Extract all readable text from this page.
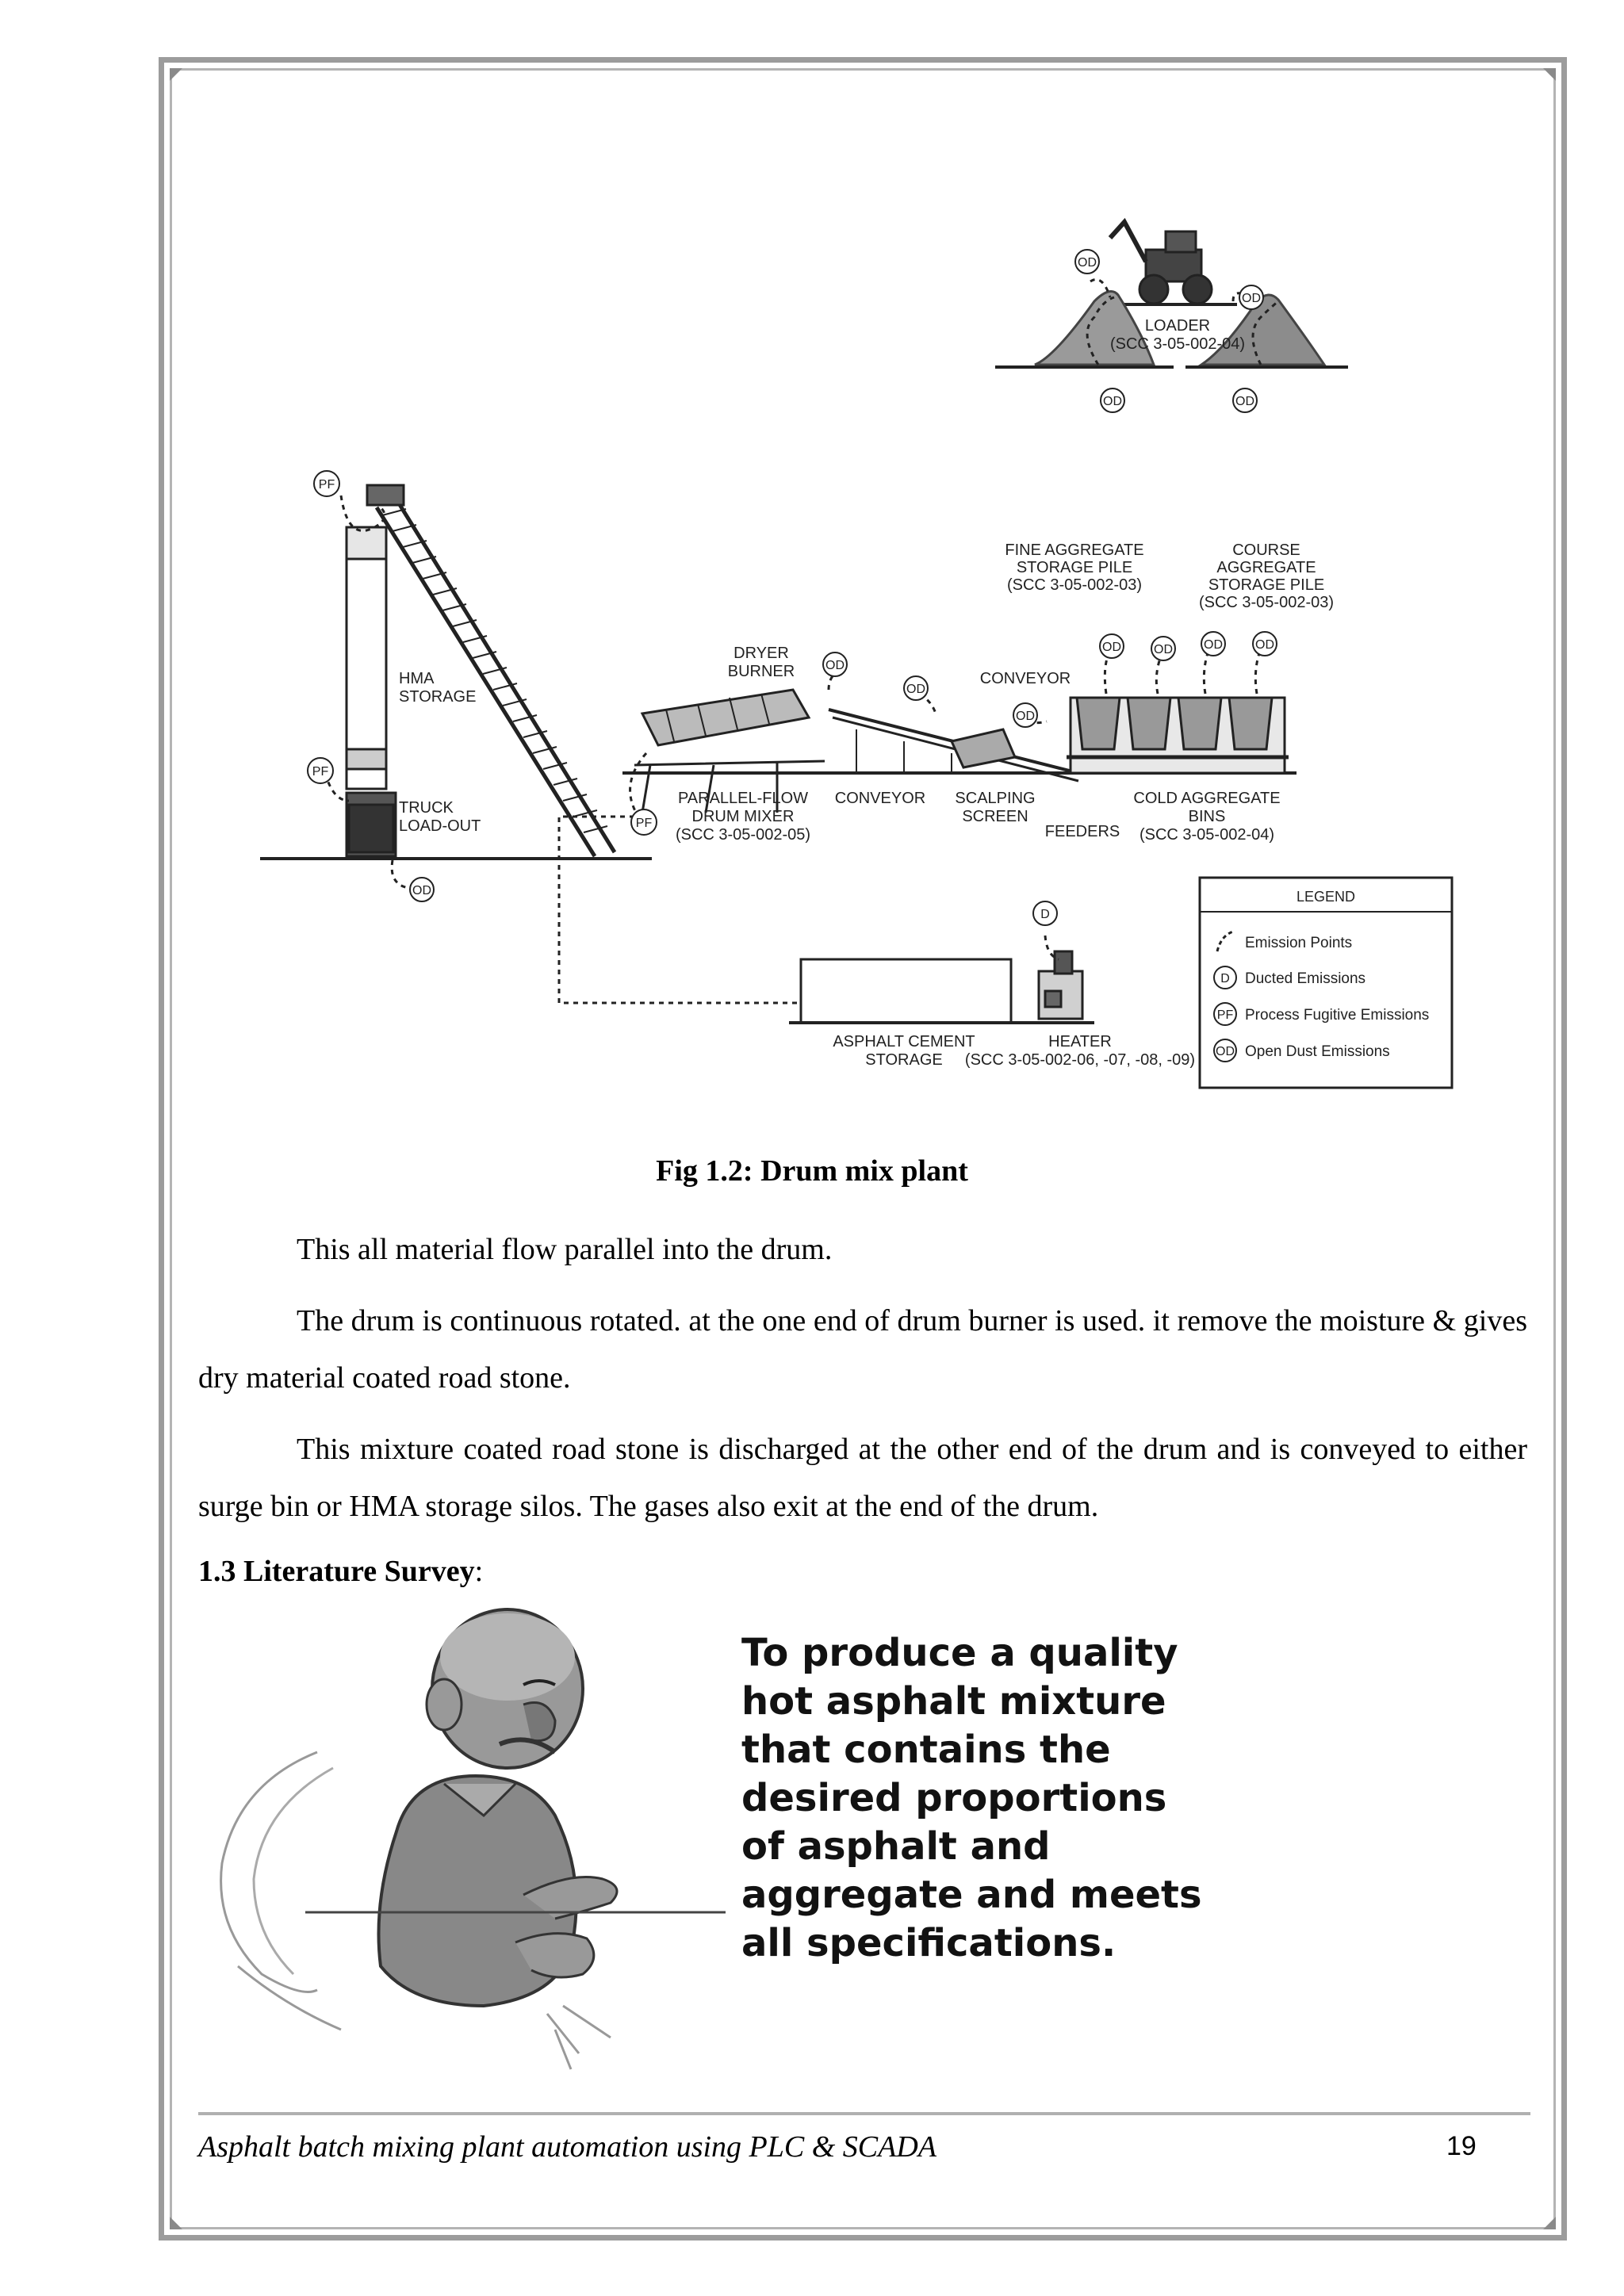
OD
OD
OD	OD
PF
OD
OD
OD
OD	OD OD	OD
PF
PF
OD
D
LOADER
(SCC 3-05-002-04)
FINE AGGREGATE
STORAGE PILE
(SCC 3-05-002-03)
COURSE
AGGREGATE
STORAGE PILE
(SCC 3-05-002-03)
DRYER
BURNER	CONVEYOR
PARALLEL-FLOW
DRUM MIXER
(SCC 3-05-002-05)
CONVEYOR SCALPING
SCREEN
FEEDERS
COLD AGGREGATE
BINS
(SCC 3-05-002-04)
ASPHALT CEMENT
STORAGE
HEATER
(SCC 3-05-002-06, -07, -08, -09)
HMA
STORAGE
TRUCK
LOAD-OUT
LEGEND
D
PF
OD
Emission Points
Ducted Emissions
Process Fugitive Emissions
Open Dust Emissions
Fig 1.2: Drum mix plant
This all material flow parallel into the drum.
The drum is continuous rotated. at the one end of drum burner is used. it remove the moisture & gives dry material coated road stone.
This mixture coated road stone is discharged at the other end of the drum and is conveyed to either surge bin or HMA storage silos. The gases also exit at the end of the drum.
1.3 Literature Survey:
To produce a quality
hot asphalt mixture
that contains the
desired proportions
of asphalt and
aggregate and meets
all specifications.
Asphalt batch mixing plant automation using PLC & SCADA	19
